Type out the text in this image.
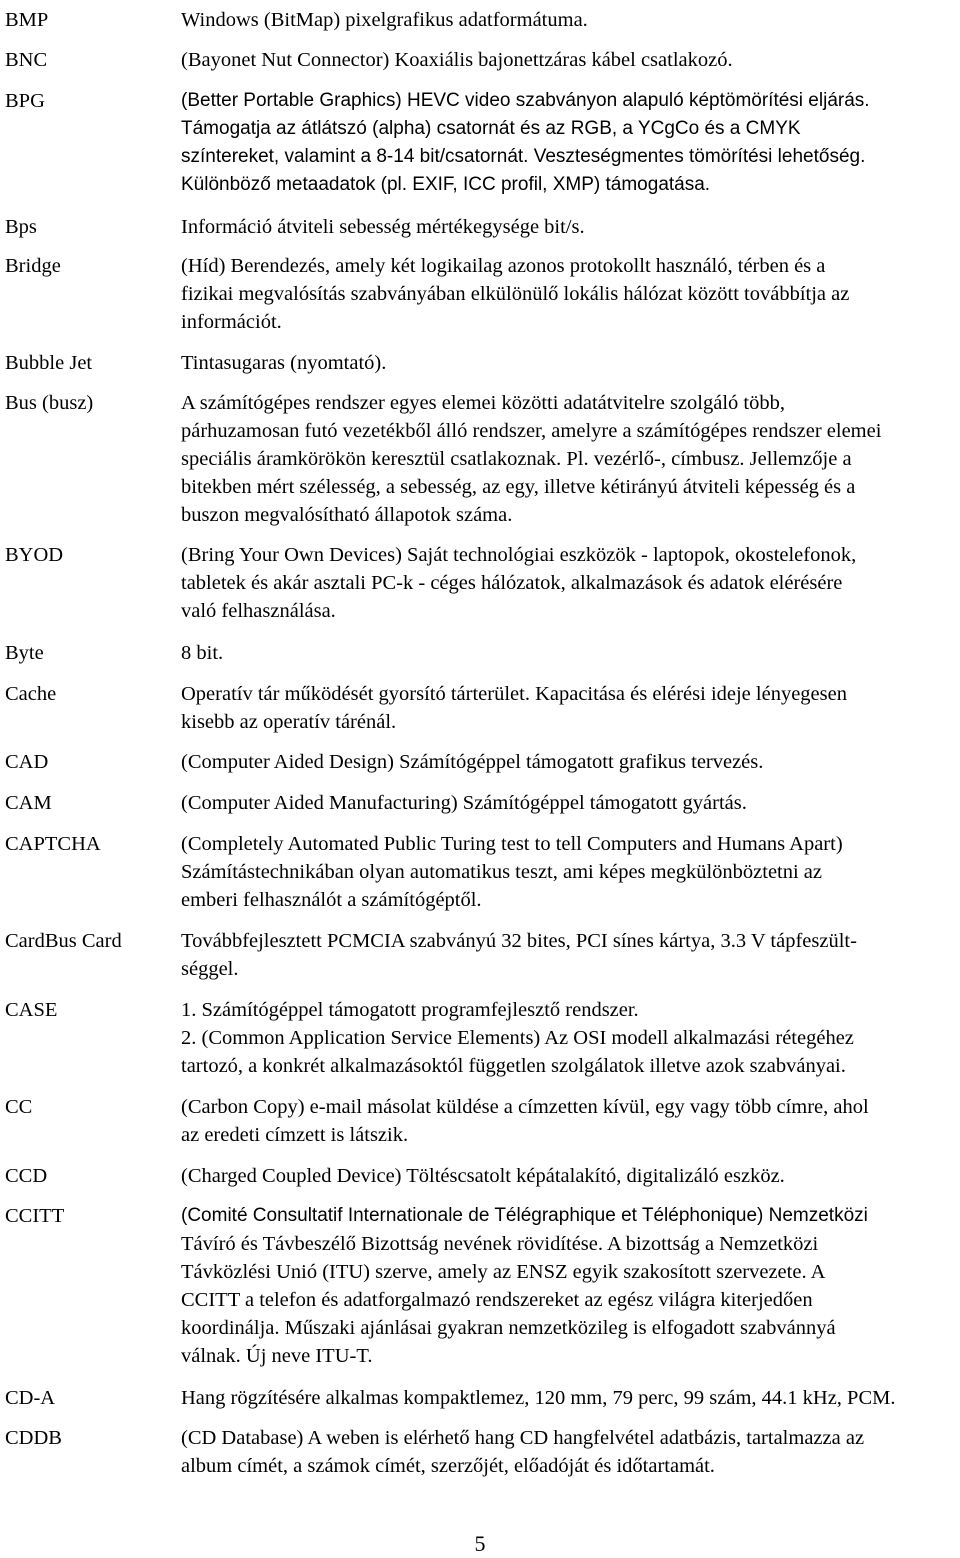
BMP	Windows (BitMap) pixelgrafikus adatformátuma.
BNC	(Bayonet Nut Connector) Koaxiális bajonettzáras kábel csatlakozó.
BPG	(Better Portable Graphics) HEVC video szabványon alapuló képtömörítési eljárás.
Támogatja az átlátszó (alpha) csatornát és az RGB, a YCgCo és a CMYK
színtereket, valamint a 8-14 bit/csatornát. Veszteségmentes tömörítési lehetőség.
Különböző metaadatok (pl. EXIF, ICC profil, XMP) támogatása.
Bps	Információ átviteli sebesség mértékegysége bit/s.
Bridge	(Híd) Berendezés, amely két logikailag azonos protokollt használó, térben és a
fizikai megvalósítás szabványában elkülönülő lokális hálózat között továbbítja az
információt.
Bubble Jet	Tintasugaras (nyomtató).
Bus (busz)	A számítógépes rendszer egyes elemei közötti adatátvitelre szolgáló több,
párhuzamosan futó vezetékből álló rendszer, amelyre a számítógépes rendszer elemei
speciális áramkörökön keresztül csatlakoznak. Pl. vezérlő-, címbusz. Jellemzője a
bitekben mért szélesség, a sebesség, az egy, illetve kétirányú átviteli képesség és a
buszon megvalósítható állapotok száma.
BYOD	(Bring Your Own Devices) Saját technológiai eszközök - laptopok, okostelefonok,
tabletek és akár asztali PC-k - céges hálózatok, alkalmazások és adatok elérésére
való felhasználása.
Byte	8 bit.
Cache	Operatív tár működését gyorsító tárterület. Kapacitása és elérési ideje lényegesen
kisebb az operatív tárénál.
CAD	(Computer Aided Design) Számítógéppel támogatott grafikus tervezés.
CAM	(Computer Aided Manufacturing) Számítógéppel támogatott gyártás.
CAPTCHA	(Completely Automated Public Turing test to tell Computers and Humans Apart)
Számítástechnikában olyan automatikus teszt, ami képes megkülönböztetni az
emberi felhasználót a számítógéptől.
CardBus Card	Továbbfejlesztett PCMCIA szabványú 32 bites, PCI sínes kártya, 3.3 V tápfeszült-
séggel.
CASE	1. Számítógéppel támogatott programfejlesztő rendszer.
2. (Common Application Service Elements) Az OSI modell alkalmazási rétegéhez
tartozó, a konkrét alkalmazásoktól független szolgálatok illetve azok szabványai.
CC	(Carbon Copy) e-mail másolat küldése a címzetten kívül, egy vagy több címre, ahol
az eredeti címzett is látszik.
CCD	(Charged Coupled Device) Töltéscsatolt képátalakító, digitalizáló eszköz.
CCITT	(Comité Consultatif Internationale de Télégraphique et Téléphonique) Nemzetközi
Távíró és Távbeszélő Bizottság nevének rövidítése. A bizottság a Nemzetközi
Távközlési Unió (ITU) szerve, amely az ENSZ egyik szakosított szervezete. A
CCITT a telefon és adatforgalmazó rendszereket az egész világra kiterjedően
koordinálja. Műszaki ajánlásai gyakran nemzetközileg is elfogadott szabvánnyá
válnak. Új neve ITU-T.
CD-A	Hang rögzítésére alkalmas kompaktlemez, 120 mm, 79 perc, 99 szám, 44.1 kHz, PCM.
CDDB	(CD Database) A weben is elérhető hang CD hangfelvétel adatbázis, tartalmazza az
album címét, a számok címét, szerzőjét, előadóját és időtartamát.
5
